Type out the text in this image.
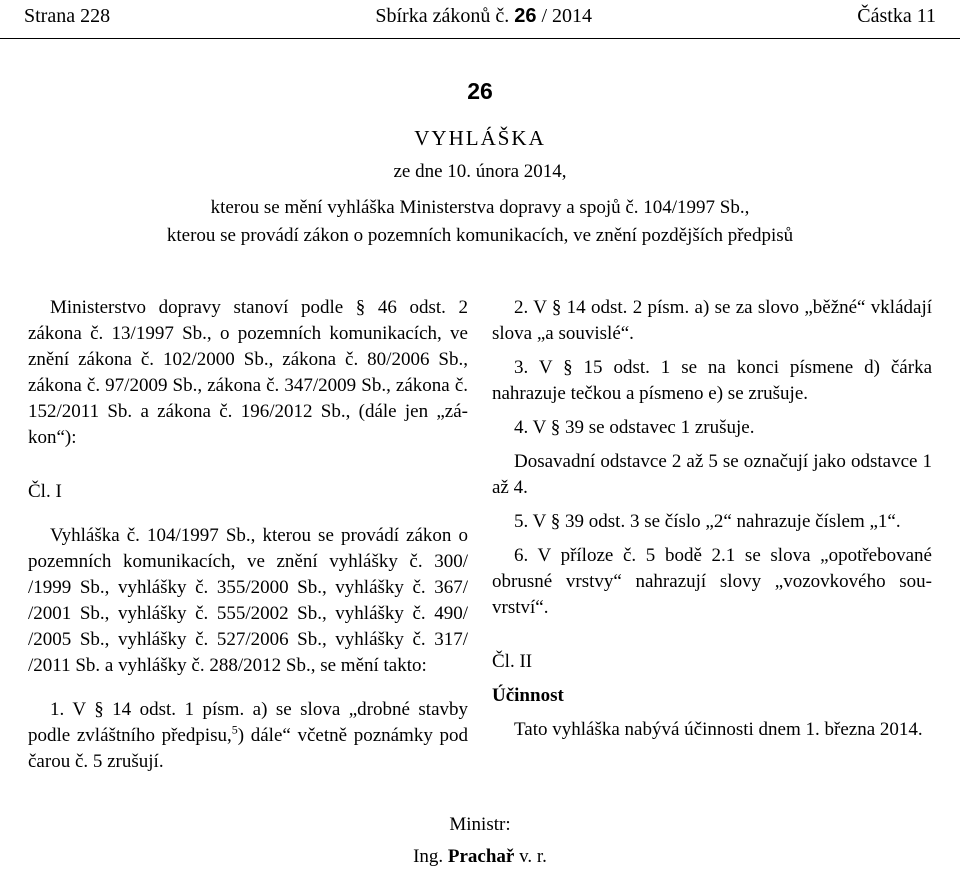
Strana 228	Sbírka zákonů č. 26 / 2014	Částka 11
26
VYHLÁŠKA
ze dne 10. února 2014,
kterou se mění vyhláška Ministerstva dopravy a spojů č. 104/1997 Sb.,
kterou se provádí zákon o pozemních komunikacích, ve znění pozdějších předpisů

Ministerstvo dopravy stanoví podle § 46 odst. 2 zákona č. 13/1997 Sb., o pozemních komunikacích, ve znění zákona č. 102/2000 Sb., zákona č. 80/2006 Sb., zákona č. 97/2009 Sb., zákona č. 347/2009 Sb., zákona č. 152/2011 Sb. a zákona č. 196/2012 Sb., (dále jen „zá-kon“):

Čl. I

Vyhláška č. 104/1997 Sb., kterou se provádí zákon o pozemních komunikacích, ve znění vyhlášky č. 300/ /1999 Sb., vyhlášky č. 355/2000 Sb., vyhlášky č. 367/ /2001 Sb., vyhlášky č. 555/2002 Sb., vyhlášky č. 490/ /2005 Sb., vyhlášky č. 527/2006 Sb., vyhlášky č. 317/ /2011 Sb. a vyhlášky č. 288/2012 Sb., se mění takto:

1. V § 14 odst. 1 písm. a) se slova „drobné stavby podle zvláštního předpisu,$^5$) dále“ včetně poznámky pod čarou č. 5 zrušují.

2. V § 14 odst. 2 písm. a) se za slovo „běžné“ vkládají slova „a souvislé“.

3. V § 15 odst. 1 se na konci písmene d) čárka nahrazuje tečkou a písmeno e) se zrušuje.

4. V § 39 se odstavec 1 zrušuje.

Dosavadní odstavce 2 až 5 se označují jako odstavce 1 až 4.

5. V § 39 odst. 3 se číslo „2“ nahrazuje číslem „1“.

6. V příloze č. 5 bodě 2.1 se slova „opotřebované obrusné vrstvy“ nahrazují slovy „vozovkového sou-vrství“.

Čl. II

Účinnost

Tato vyhláška nabývá účinnosti dnem 1. března 2014.

Ministr:
Ing. Prachař v. r.
